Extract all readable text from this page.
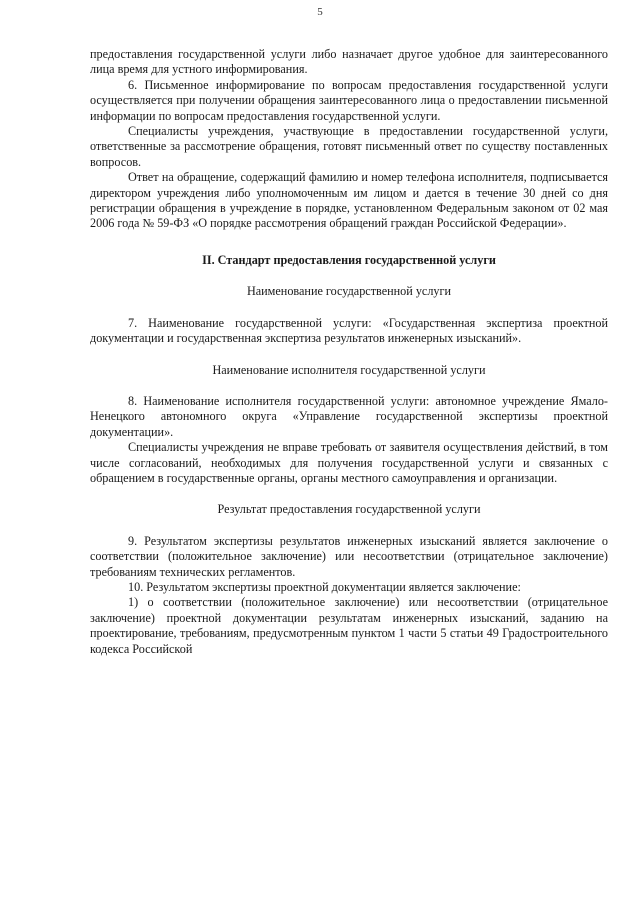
5

предоставления государственной услуги либо назначает другое удобное для заинтересованного лица время для устного информирования.

6. Письменное информирование по вопросам предоставления государственной услуги осуществляется при получении обращения заинтересованного лица о предоставлении письменной информации по вопросам предоставления государственной услуги.

Специалисты учреждения, участвующие в предоставлении государственной услуги, ответственные за рассмотрение обращения, готовят письменный ответ по существу поставленных вопросов.

Ответ на обращение, содержащий фамилию и номер телефона исполнителя, подписывается директором учреждения либо уполномоченным им лицом и дается в течение 30 дней со дня регистрации обращения в учреждение в порядке, установленном Федеральным законом от 02 мая 2006 года № 59-ФЗ «О порядке рассмотрения обращений граждан Российской Федерации».

II. Стандарт предоставления государственной услуги

Наименование государственной услуги

7. Наименование государственной услуги: «Государственная экспертиза проектной документации и государственная экспертиза результатов инженерных изысканий».

Наименование исполнителя государственной услуги

8. Наименование исполнителя государственной услуги: автономное учреждение Ямало-Ненецкого автономного округа «Управление государственной экспертизы проектной документации».

Специалисты учреждения не вправе требовать от заявителя осуществления действий, в том числе согласований, необходимых для получения государственной услуги и связанных с обращением в государственные органы, органы местного самоуправления и организации.

Результат предоставления государственной услуги

9. Результатом экспертизы результатов инженерных изысканий является заключение о соответствии (положительное заключение) или несоответствии (отрицательное заключение) требованиям технических регламентов.

10. Результатом экспертизы проектной документации является заключение:

1) о соответствии (положительное заключение) или несоответствии (отрицательное заключение) проектной документации результатам инженерных изысканий, заданию на проектирование, требованиям, предусмотренным пунктом 1 части 5 статьи 49 Градостроительного кодекса Российской
